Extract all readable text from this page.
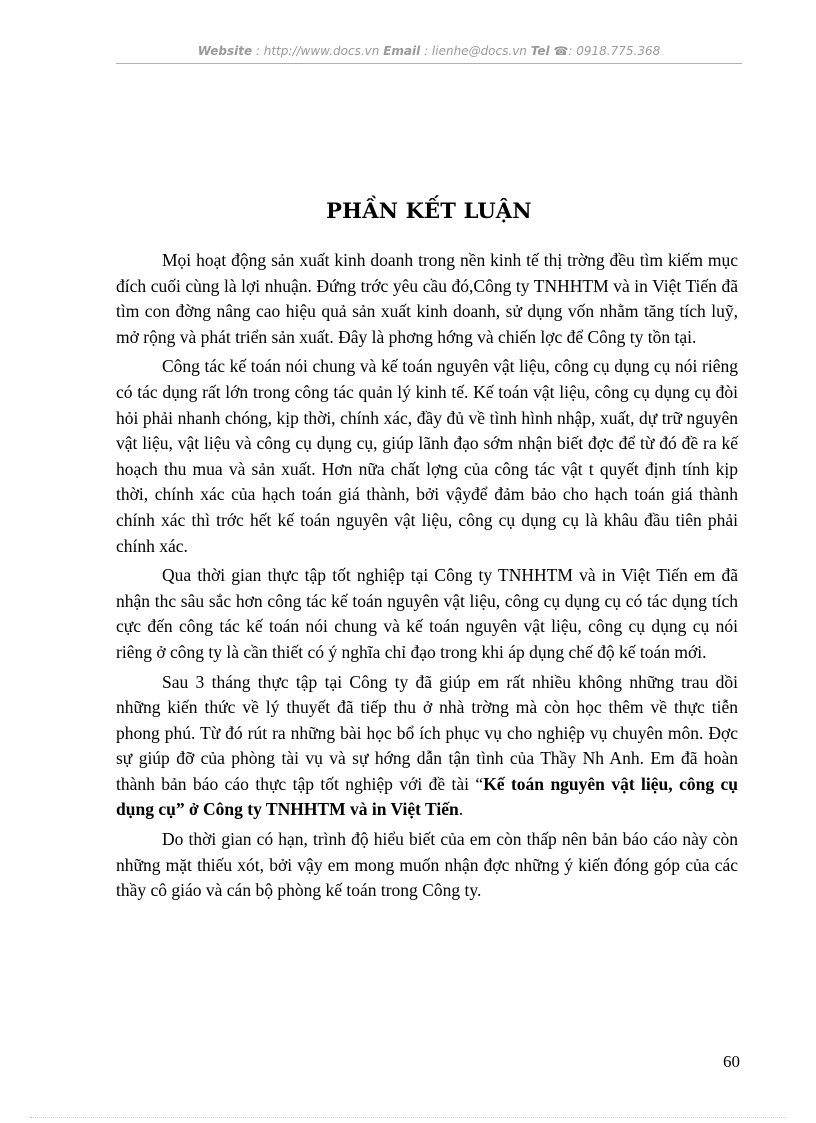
Website : http://www.docs.vn Email : lienhe@docs.vn Tel ☎: 0918.775.368
PHẦN KẾT LUẬN

Mọi hoạt động sản xuất kinh doanh trong nền kinh tế thị trờng đều tìm kiếm mục đích cuối cùng là lợi nhuận. Đứng trớc yêu cầu đó,Công ty TNHHTM và in Việt Tiến đã tìm con đờng nâng cao hiệu quả sản xuất kinh doanh, sử dụng vốn nhằm tăng tích luỹ, mở rộng và phát triển sản xuất. Đây là phơng hớng và chiến lợc để Công ty tồn tại.

Công tác kế toán nói chung và kế toán nguyên vật liệu, công cụ dụng cụ nói riêng có tác dụng rất lớn trong công tác quản lý kinh tế. Kế toán vật liệu, công cụ dụng cụ đòi hỏi phải nhanh chóng, kịp thời, chính xác, đầy đủ về tình hình nhập, xuất, dự trữ nguyên vật liệu, vật liệu và công cụ dụng cụ, giúp lãnh đạo sớm nhận biết đợc để từ đó đề ra kế hoạch thu mua và sản xuất. Hơn nữa chất lợng của công tác vật t quyết định tính kịp thời, chính xác của hạch toán giá thành, bởi vậyđể đảm bảo cho hạch toán giá thành chính xác thì trớc hết kế toán nguyên vật liệu, công cụ dụng cụ là khâu đầu tiên phải chính xác.

Qua thời gian thực tập tốt nghiệp tại Công ty TNHHTM và in Việt Tiến em đã nhận thc sâu sắc hơn công tác kế toán nguyên vật liệu, công cụ dụng cụ có tác dụng tích cực đến công tác kế toán nói chung và kế toán nguyên vật liệu, công cụ dụng cụ nói riêng ở công ty là cần thiết có ý nghĩa chỉ đạo trong khi áp dụng chế độ kế toán mới.

Sau 3 tháng thực tập tại Công ty đã giúp em rất nhiều không những trau dồi những kiến thức về lý thuyết đã tiếp thu ở nhà trờng mà còn học thêm về thực tiễn phong phú. Từ đó rút ra những bài học bổ ích phục vụ cho nghiệp vụ chuyên môn. Đợc sự giúp đỡ của phòng tài vụ và sự hớng dẫn tận tình của Thầy Nh Anh. Em đã hoàn thành bản báo cáo thực tập tốt nghiệp với đề tài “Kế toán nguyên vật liệu, công cụ dụng cụ” ở Công ty TNHHTM và in Việt Tiến.

Do thời gian có hạn, trình độ hiểu biết của em còn thấp nên bản báo cáo này còn những mặt thiếu xót, bởi vậy em mong muốn nhận đợc những ý kiến đóng góp của các thầy cô giáo và cán bộ phòng kế toán trong Công ty.

60
